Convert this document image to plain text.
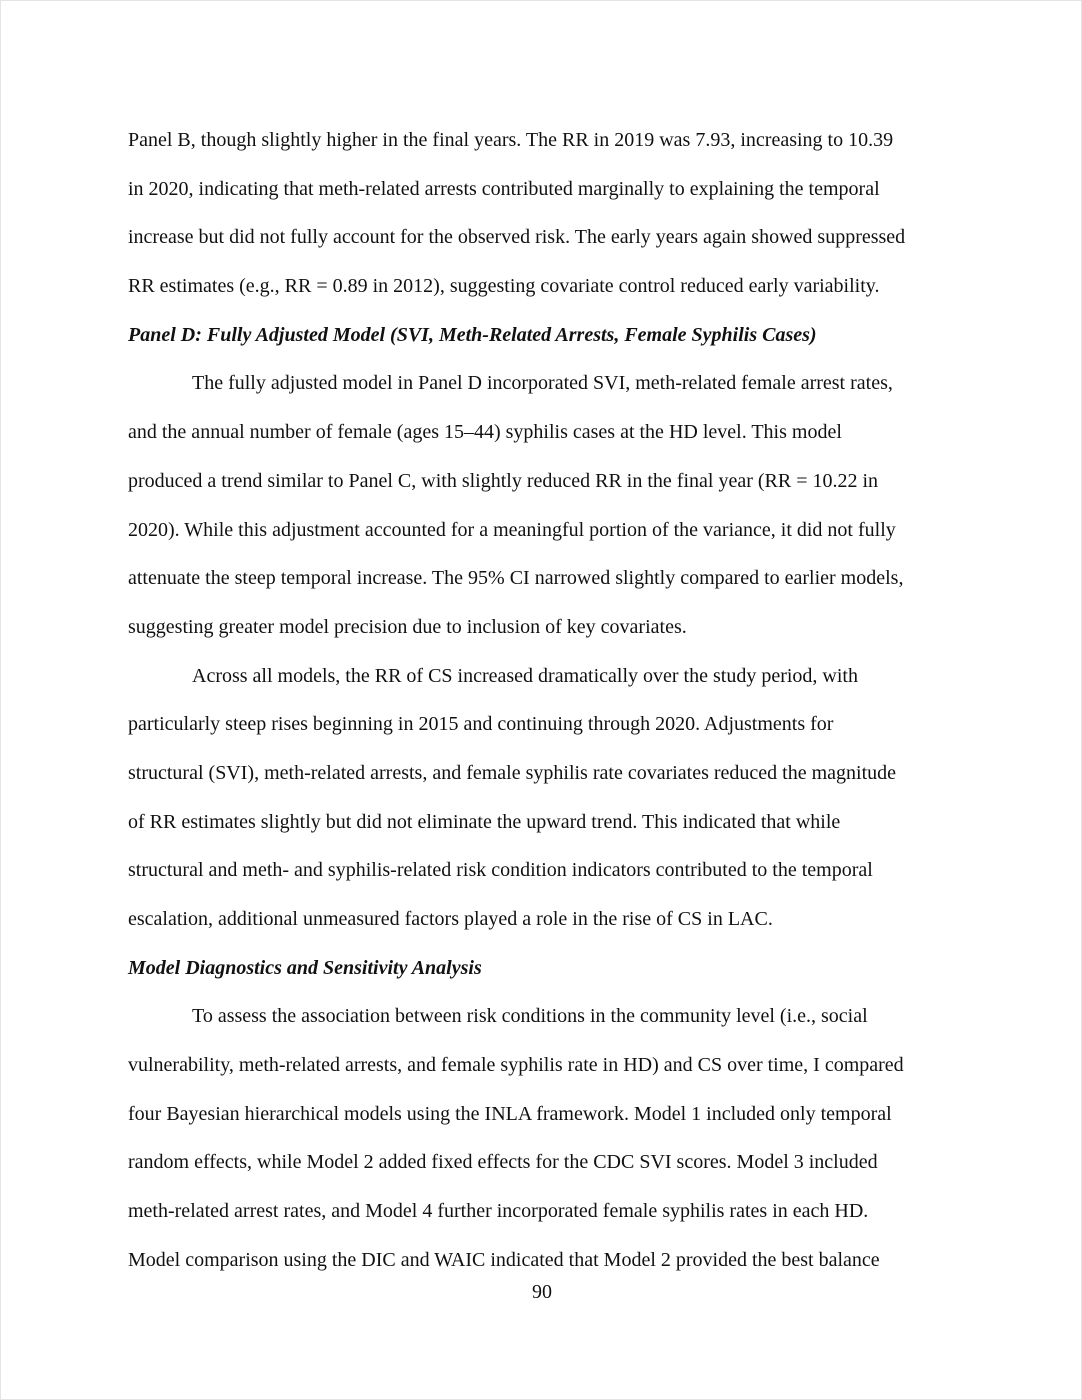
Panel B, though slightly higher in the final years. The RR in 2019 was 7.93, increasing to 10.39
in 2020, indicating that meth-related arrests contributed marginally to explaining the temporal
increase but did not fully account for the observed risk. The early years again showed suppressed
RR estimates (e.g., RR = 0.89 in 2012), suggesting covariate control reduced early variability.
Panel D: Fully Adjusted Model (SVI, Meth-Related Arrests, Female Syphilis Cases)
The fully adjusted model in Panel D incorporated SVI, meth-related female arrest rates,
and the annual number of female (ages 15–44) syphilis cases at the HD level. This model
produced a trend similar to Panel C, with slightly reduced RR in the final year (RR = 10.22 in
2020). While this adjustment accounted for a meaningful portion of the variance, it did not fully
attenuate the steep temporal increase. The 95% CI narrowed slightly compared to earlier models,
suggesting greater model precision due to inclusion of key covariates.
Across all models, the RR of CS increased dramatically over the study period, with
particularly steep rises beginning in 2015 and continuing through 2020. Adjustments for
structural (SVI), meth-related arrests, and female syphilis rate covariates reduced the magnitude
of RR estimates slightly but did not eliminate the upward trend. This indicated that while
structural and meth- and syphilis-related risk condition indicators contributed to the temporal
escalation, additional unmeasured factors played a role in the rise of CS in LAC.
Model Diagnostics and Sensitivity Analysis
To assess the association between risk conditions in the community level (i.e., social
vulnerability, meth-related arrests, and female syphilis rate in HD) and CS over time, I compared
four Bayesian hierarchical models using the INLA framework. Model 1 included only temporal
random effects, while Model 2 added fixed effects for the CDC SVI scores. Model 3 included
meth-related arrest rates, and Model 4 further incorporated female syphilis rates in each HD.
Model comparison using the DIC and WAIC indicated that Model 2 provided the best balance
90
